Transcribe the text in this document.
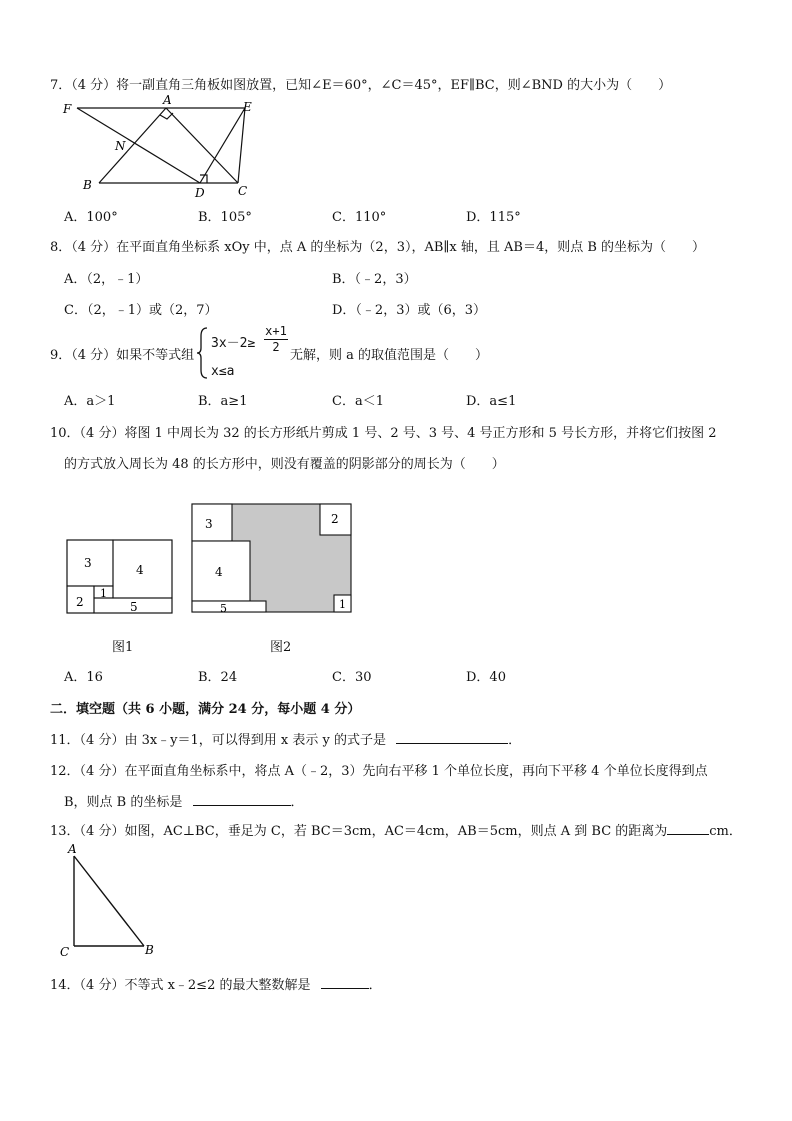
7．（4 分）将一副直角三角板如图放置，已知∠E＝60°，∠C＝45°，EF∥BC，则∠BND 的大小为（　　）
F
A	E
N
B
D	C
A．100°	B．105°	C．110°	D．115°
8．（4 分）在平面直角坐标系 xOy 中，点 A 的坐标为（2，3），AB∥x 轴，且 AB＝4，则点 B 的坐标为（　　）
A．（2，﹣1）	B．（﹣2，3）
C．（2，﹣1）或（2，7）	D．（﹣2，3）或（6，3）
9．（4 分）如果不等式组
$3x-2\ge \frac{x+1}{2}$
x≤a
无解，则 a 的取值范围是（　　）
A．a＞1	B．a≥1	C．a＜1	D．a≤1
10．（4 分）将图 1 中周长为 32 的长方形纸片剪成 1 号、2 号、3 号、4 号正方形和 5 号长方形，并将它们按图 2
的方式放入周长为 48 的长方形中，则没有覆盖的阴影部分的周长为（　　）
3	4
2
1
5
3	2
4
5	1
图1	图2
A．16	B．24	C．30	D．40
二．填空题（共 6 小题，满分 24 分，每小题 4 分）
11．（4 分）由 3x﹣y＝1，可以得到用 x 表示 y 的式子是	．
12．（4 分）在平面直角坐标系中，将点 A（﹣2，3）先向右平移 1 个单位长度，再向下平移 4 个单位长度得到点
B，则点 B 的坐标是	．
13．（4 分）如图，AC⊥BC，垂足为 C，若 BC＝3cm，AC＝4cm，AB＝5cm，则点 A 到 BC 的距离为	cm．
A
C	B
14．（4 分）不等式 x﹣2≤2 的最大整数解是	．
